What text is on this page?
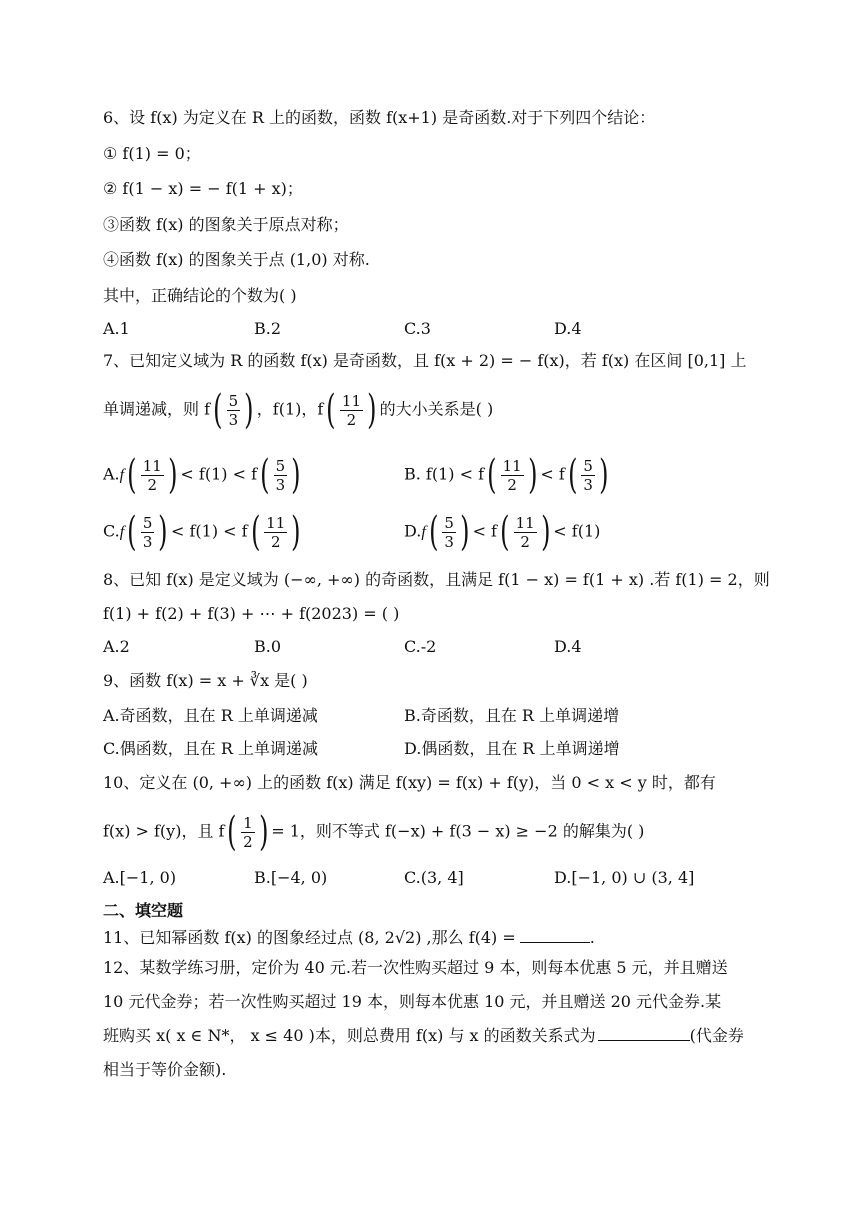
6、设 f(x) 为定义在 R 上的函数，函数 f(x+1) 是奇函数.对于下列四个结论：
① f(1) = 0；
② f(1 − x) = − f(1 + x)；
③函数 f(x) 的图象关于原点对称；
④函数 f(x) 的图象关于点 (1,0) 对称.
其中，正确结论的个数为( )
A.1	B.2	C.3	D.4
7、已知定义域为 R 的函数 f(x) 是奇函数，且 f(x + 2) = − f(x)，若 f(x) 在区间 [0,1] 上
单调递减，则 $f( \frac{5}{3}$ ) ，f(1)，$f( \frac{11}{2}$ ) 的大小关系是( )
$A.f( \frac{11}{2}$ ) < $f(1) < f( \frac{5}{3}$ )	B. $f(1) < f( \frac{11}{2}$ ) < $f( \frac{5}{3}$ )
$C.f( \frac{5}{3}$ ) < $f(1) < f( \frac{11}{2}$ )	$D.f( \frac{5}{3}$ ) < $f( \frac{11}{2}$ ) < f(1)
8、已知 f(x) 是定义域为 (−∞, +∞) 的奇函数，且满足 f(1 − x) = f(1 + x) .若 f(1) = 2，则
f(1) + f(2) + f(3) + ⋯ + f(2023) = ( )
A.2	B.0	C.-2	D.4
9、函数 f(x) = x + ∛x 是( )
A.奇函数，且在 R 上单调递减	B.奇函数，且在 R 上单调递增
C.偶函数，且在 R 上单调递减	D.偶函数，且在 R 上单调递增
10、定义在 (0, +∞) 上的函数 f(x) 满足 f(xy) = f(x) + f(y)，当 0 < x < y 时，都有
f(x) > f(y)，且 $f( \frac{1}{2}$ ) = 1，则不等式 f(−x) + f(3 − x) ≥ −2 的解集为( )
A.[−1, 0)	B.[−4, 0)	C.(3, 4]	D.[−1, 0) ∪ (3, 4]
二、填空题
11、已知幂函数 f(x) 的图象经过点 (8, 2√2) ,那么 f(4) =	.
12、某数学练习册，定价为 40 元.若一次性购买超过 9 本，则每本优惠 5 元，并且赠送
10 元代金券；若一次性购买超过 19 本，则每本优惠 10 元，并且赠送 20 元代金券.某
班购买 x( x ∈ N*， x ≤ 40 )本，则总费用 f(x) 与 x 的函数关系式为	(代金券
相当于等价金额).
